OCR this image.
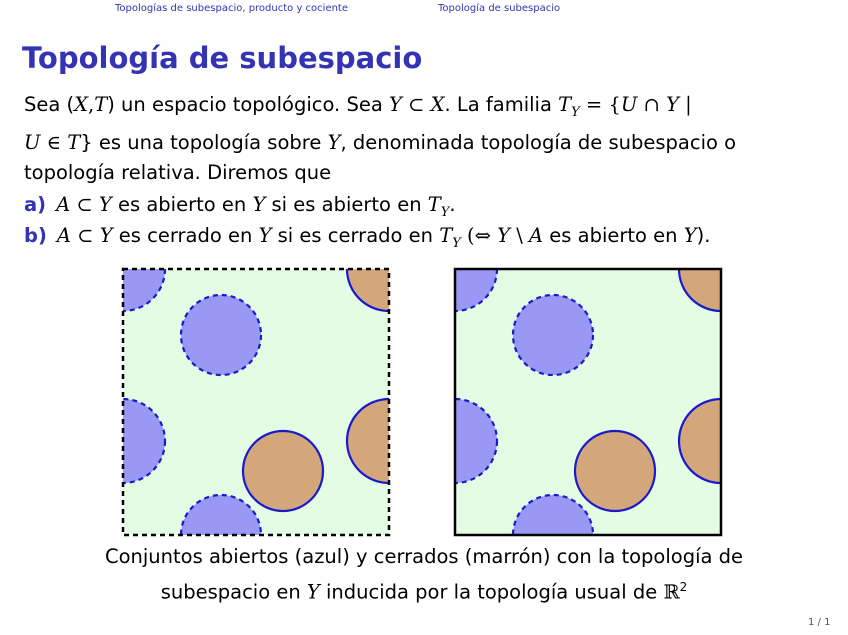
Topologías de subespacio, producto y cociente	Topología de subespacio
Topología de subespacio

Sea (X,T) un espacio topológico. Sea Y ⊂ X. La familia $T_Y = \{U$ ∩ Y |

U ∈ T} es una topología sobre Y, denominada topología de subespacio o

topología relativa. Diremos que

a) A ⊂ Y es abierto en Y si es abierto en $T_Y$.
b) A ⊂ Y es cerrado en Y si es cerrado en $T_Y$ (⇔ Y \ A es abierto en Y).

Conjuntos abiertos (azul) y cerrados (marrón) con la topología de

subespacio en Y inducida por la topología usual de ℝ$^2$

1 / 1
